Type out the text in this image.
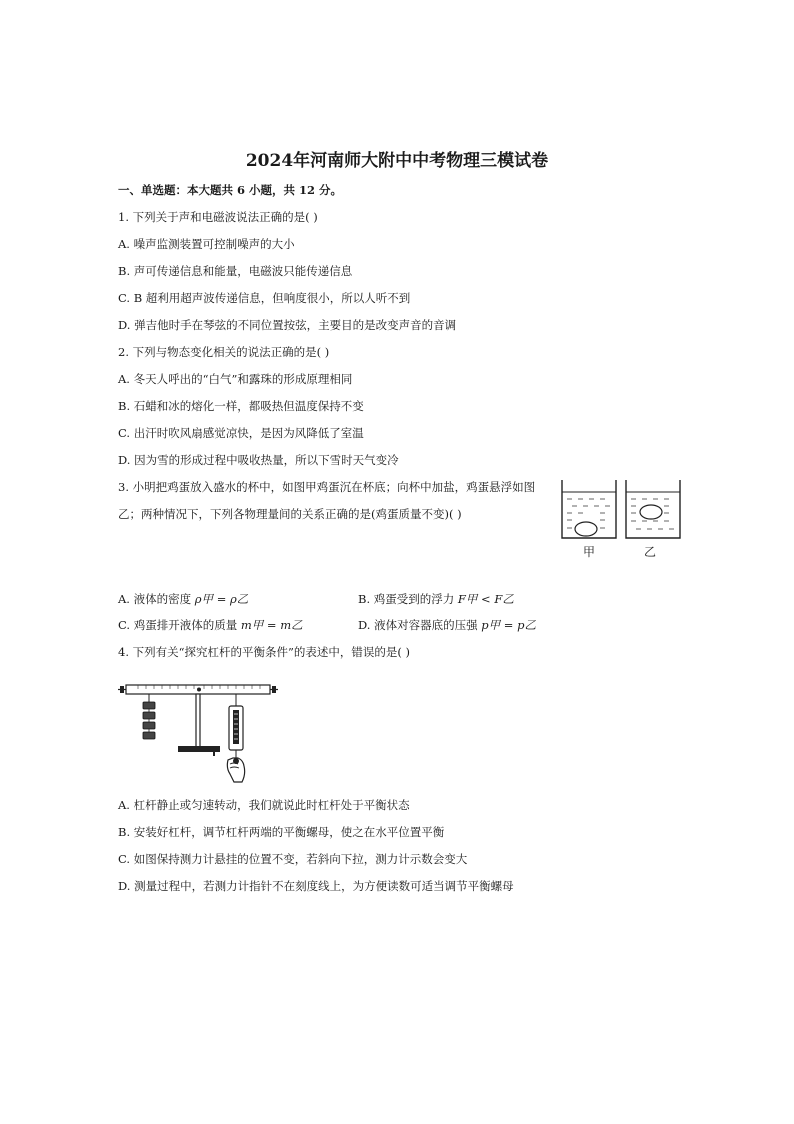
2024年河南师大附中中考物理三模试卷
一、单选题：本大题共 6 小题，共 12 分。
1. 下列关于声和电磁波说法正确的是( )
A. 噪声监测装置可控制噪声的大小
B. 声可传递信息和能量，电磁波只能传递信息
C. B 超利用超声波传递信息，但响度很小，所以人听不到
D. 弹吉他时手在琴弦的不同位置按弦，主要目的是改变声音的音调
2. 下列与物态变化相关的说法正确的是( )
A. 冬天人呼出的“白气”和露珠的形成原理相同
B. 石蜡和冰的熔化一样，都吸热但温度保持不变
C. 出汗时吹风扇感觉凉快，是因为风降低了室温
D. 因为雪的形成过程中吸收热量，所以下雪时天气变冷
3. 小明把鸡蛋放入盛水的杯中，如图甲鸡蛋沉在杯底；向杯中加盐，鸡蛋悬浮如图
乙；两种情况下，下列各物理量间的关系正确的是(鸡蛋质量不变)( )
甲	乙
A. 液体的密度 ρ甲 = ρ乙	B. 鸡蛋受到的浮力 F甲 < F乙
C. 鸡蛋排开液体的质量 m甲 = m乙	D. 液体对容器底的压强 p甲 = p乙
4. 下列有关“探究杠杆的平衡条件”的表述中，错误的是( )
A. 杠杆静止或匀速转动，我们就说此时杠杆处于平衡状态
B. 安装好杠杆，调节杠杆两端的平衡螺母，使之在水平位置平衡
C. 如图保持测力计悬挂的位置不变，若斜向下拉，测力计示数会变大
D. 测量过程中，若测力计指针不在刻度线上，为方便读数可适当调节平衡螺母
